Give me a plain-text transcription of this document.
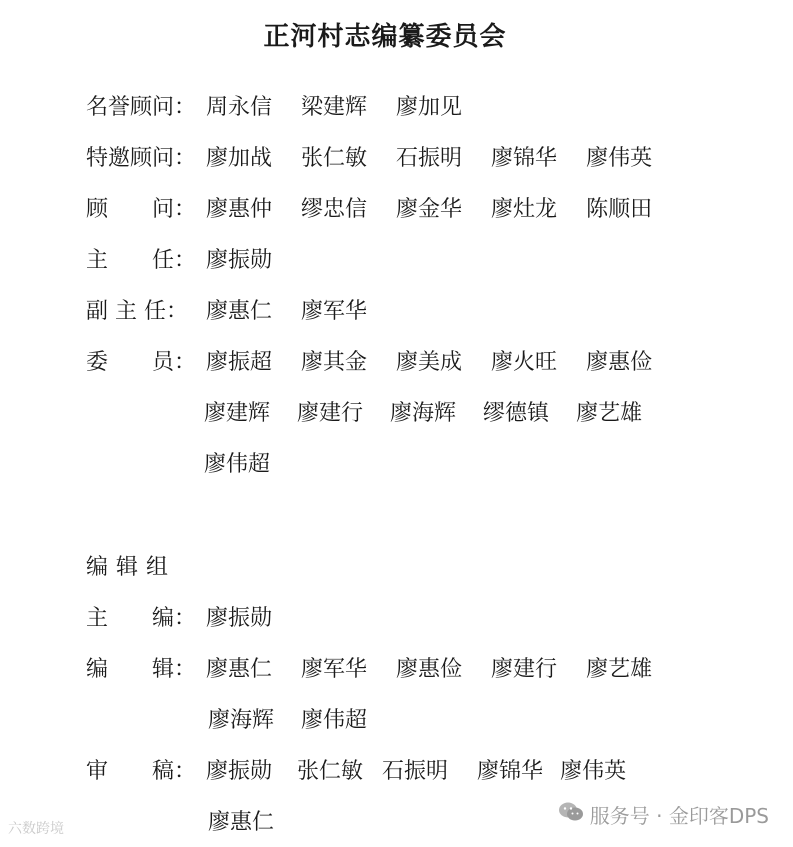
正河村志编纂委员会
名誉顾问： 周永信 梁建辉 廖加见
特邀顾问： 廖加战 张仁敏 石振明 廖锦华 廖伟英
顾　　问： 廖惠仲 缪忠信 廖金华 廖灶龙 陈顺田
主　　任： 廖振勋
副 主 任： 廖惠仁 廖军华
委　　员： 廖振超 廖其金 廖美成 廖火旺 廖惠俭
廖建辉 廖建行 廖海辉 缪德镇 廖艺雄
廖伟超
编辑组
主　　编： 廖振勋
编　　辑： 廖惠仁 廖军华 廖惠俭 廖建行 廖艺雄
廖海辉 廖伟超
审　　稿： 廖振勋 张仁敏 石振明 廖锦华 廖伟英
廖惠仁
六数跨境
服务号 · 金印客DPS
